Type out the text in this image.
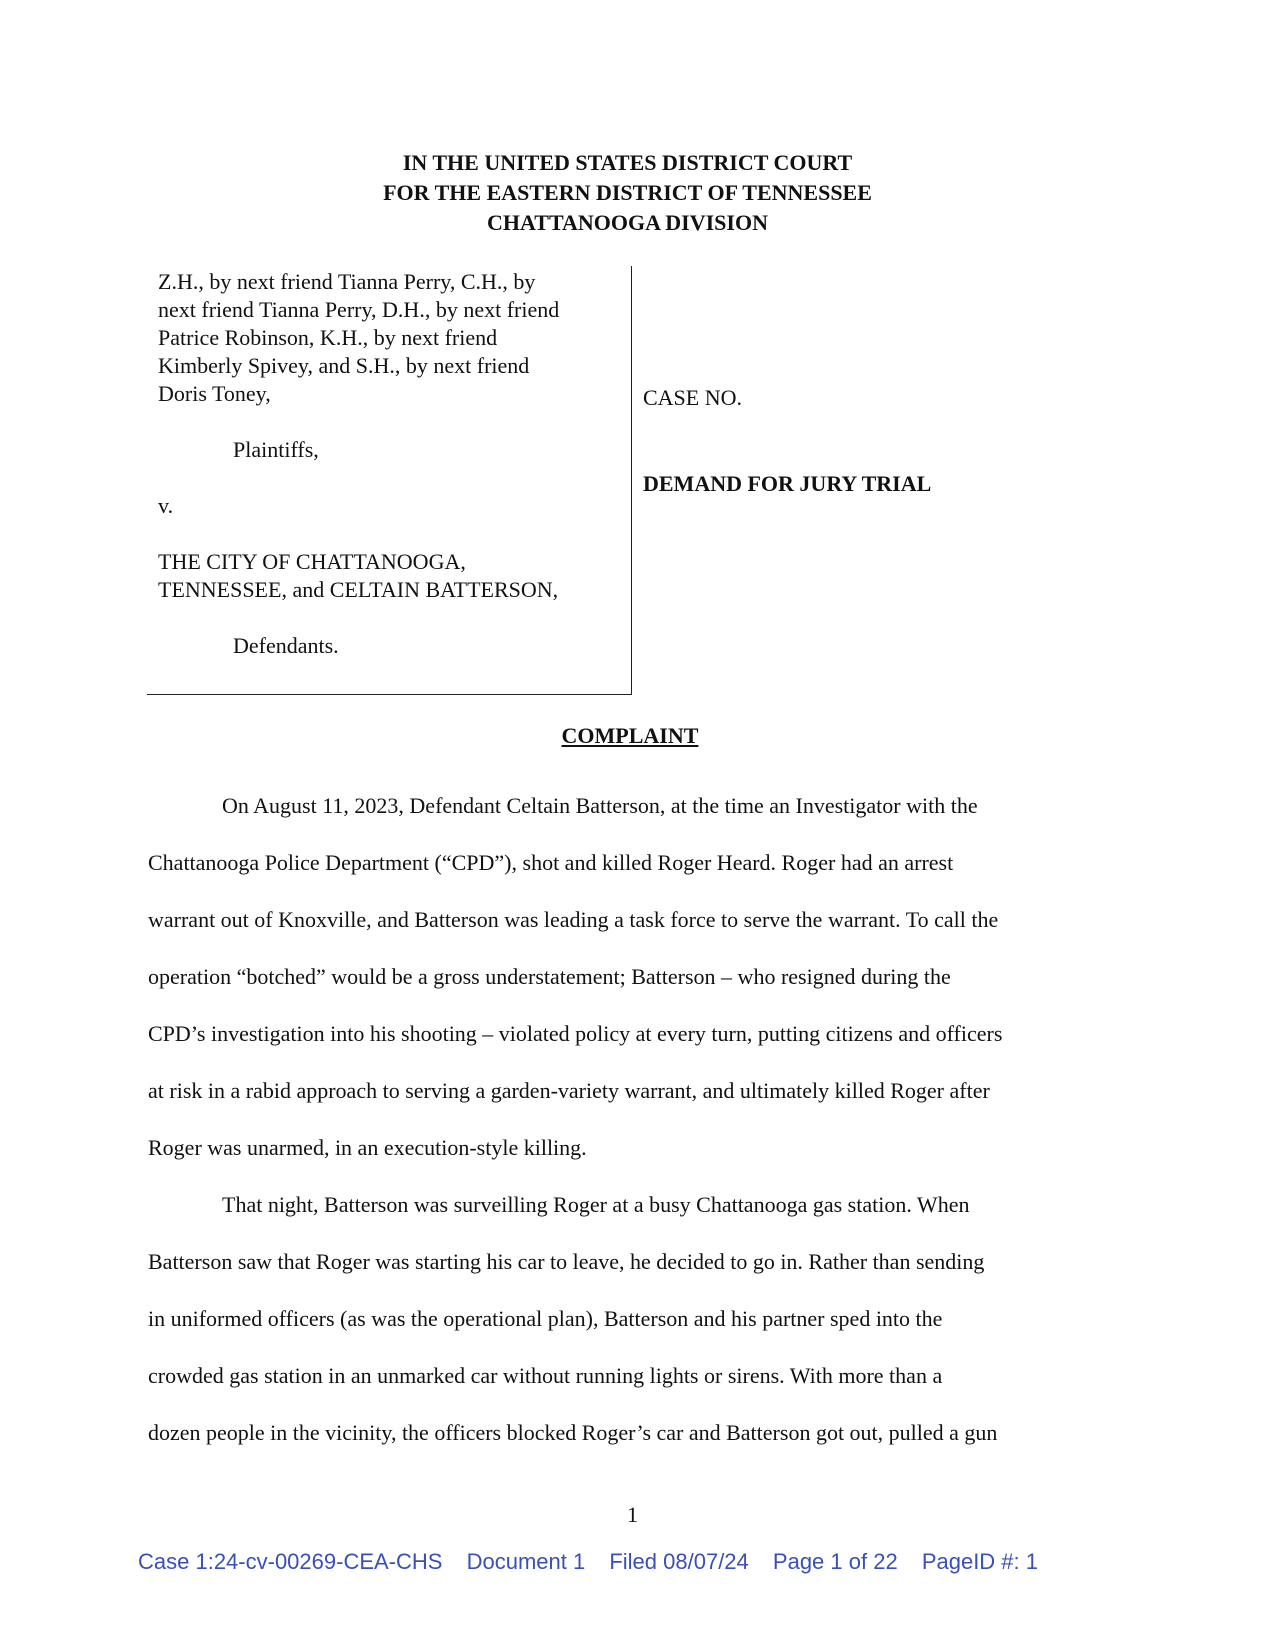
IN THE UNITED STATES DISTRICT COURT
FOR THE EASTERN DISTRICT OF TENNESSEE
CHATTANOOGA DIVISION
Z.H., by next friend Tianna Perry, C.H., by
next friend Tianna Perry, D.H., by next friend
Patrice Robinson, K.H., by next friend
Kimberly Spivey, and S.H., by next friend
Doris Toney,
Plaintiffs,
v.
THE CITY OF CHATTANOOGA,
TENNESSEE, and CELTAIN BATTERSON,
Defendants.
CASE NO.
DEMAND FOR JURY TRIAL
COMPLAINT
On August 11, 2023, Defendant Celtain Batterson, at the time an Investigator with the
Chattanooga Police Department (“CPD”), shot and killed Roger Heard. Roger had an arrest
warrant out of Knoxville, and Batterson was leading a task force to serve the warrant. To call the
operation “botched” would be a gross understatement; Batterson – who resigned during the
CPD’s investigation into his shooting – violated policy at every turn, putting citizens and officers
at risk in a rabid approach to serving a garden-variety warrant, and ultimately killed Roger after
Roger was unarmed, in an execution-style killing.
That night, Batterson was surveilling Roger at a busy Chattanooga gas station. When
Batterson saw that Roger was starting his car to leave, he decided to go in. Rather than sending
in uniformed officers (as was the operational plan), Batterson and his partner sped into the
crowded gas station in an unmarked car without running lights or sirens. With more than a
dozen people in the vicinity, the officers blocked Roger’s car and Batterson got out, pulled a gun
1
Case 1:24-cv-00269-CEA-CHS Document 1 Filed 08/07/24 Page 1 of 22 PageID #: 1
